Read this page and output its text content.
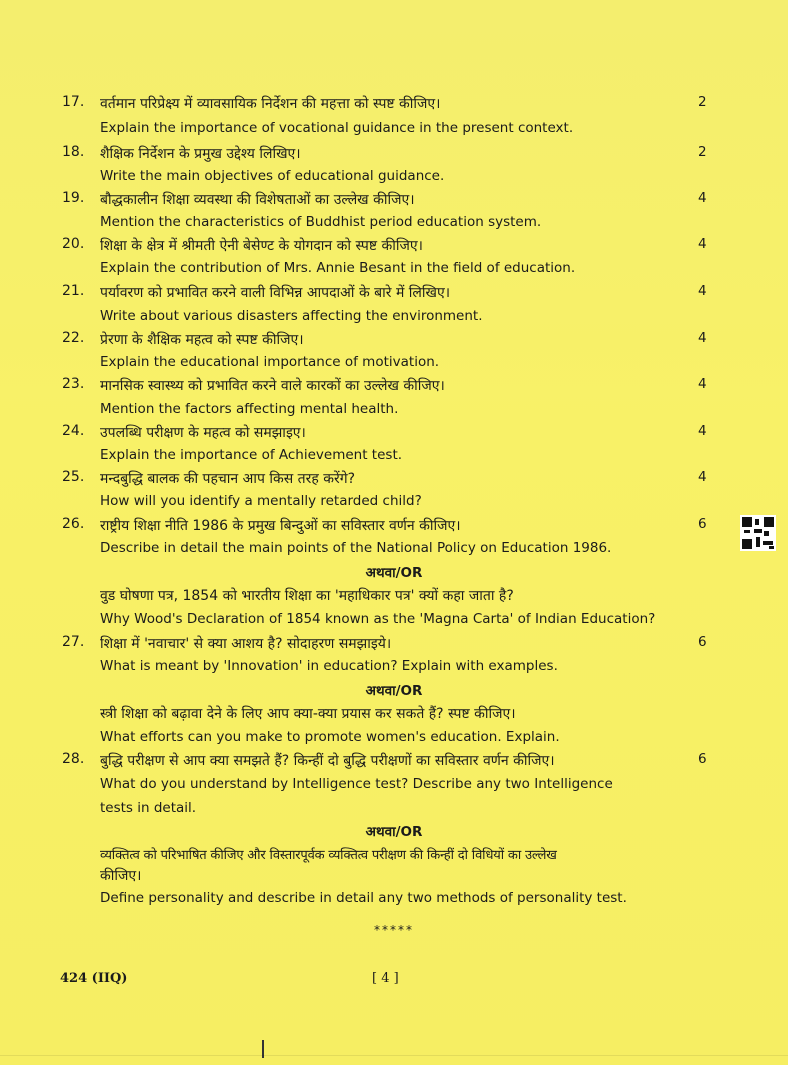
17. वर्तमान परिप्रेक्ष्य में व्यावसायिक निर्देशन की महत्ता को स्पष्ट कीजिए।	2
Explain the importance of vocational guidance in the present context.
18. शैक्षिक निर्देशन के प्रमुख उद्देश्य लिखिए।	2
Write the main objectives of educational guidance.
19. बौद्धकालीन शिक्षा व्यवस्था की विशेषताओं का उल्लेख कीजिए।	4
Mention the characteristics of Buddhist period education system.
20. शिक्षा के क्षेत्र में श्रीमती ऐनी बेसेण्ट के योगदान को स्पष्ट कीजिए।	4
Explain the contribution of Mrs. Annie Besant in the field of education.
21. पर्यावरण को प्रभावित करने वाली विभिन्न आपदाओं के बारे में लिखिए।	4
Write about various disasters affecting the environment.
22. प्रेरणा के शैक्षिक महत्व को स्पष्ट कीजिए।	4
Explain the educational importance of motivation.
23. मानसिक स्वास्थ्य को प्रभावित करने वाले कारकों का उल्लेख कीजिए।	4
Mention the factors affecting mental health.
24. उपलब्धि परीक्षण के महत्व को समझाइए।	4
Explain the importance of Achievement test.
25. मन्दबुद्धि बालक की पहचान आप किस तरह करेंगे?	4
How will you identify a mentally retarded child?
26. राष्ट्रीय शिक्षा नीति 1986 के प्रमुख बिन्दुओं का सविस्तार वर्णन कीजिए।	6
Describe in detail the main points of the National Policy on Education 1986.
अथवा/OR
वुड घोषणा पत्र, 1854 को भारतीय शिक्षा का 'महाधिकार पत्र' क्यों कहा जाता है?
Why Wood's Declaration of 1854 known as the 'Magna Carta' of Indian Education?
27. शिक्षा में 'नवाचार' से क्या आशय है? सोदाहरण समझाइये।	6
What is meant by 'Innovation' in education? Explain with examples.
अथवा/OR
स्त्री शिक्षा को बढ़ावा देने के लिए आप क्या-क्या प्रयास कर सकते हैं? स्पष्ट कीजिए।
What efforts can you make to promote women's education. Explain.
28. बुद्धि परीक्षण से आप क्या समझते हैं? किन्हीं दो बुद्धि परीक्षणों का सविस्तार वर्णन कीजिए।	6
What do you understand by Intelligence test? Describe any two Intelligence
tests in detail.
अथवा/OR
व्यक्तित्व को परिभाषित कीजिए और विस्तारपूर्वक व्यक्तित्व परीक्षण की किन्हीं दो विधियों का उल्लेख
कीजिए।
Define personality and describe in detail any two methods of personality test.
*****
424 (IIQ)	[ 4 ]
